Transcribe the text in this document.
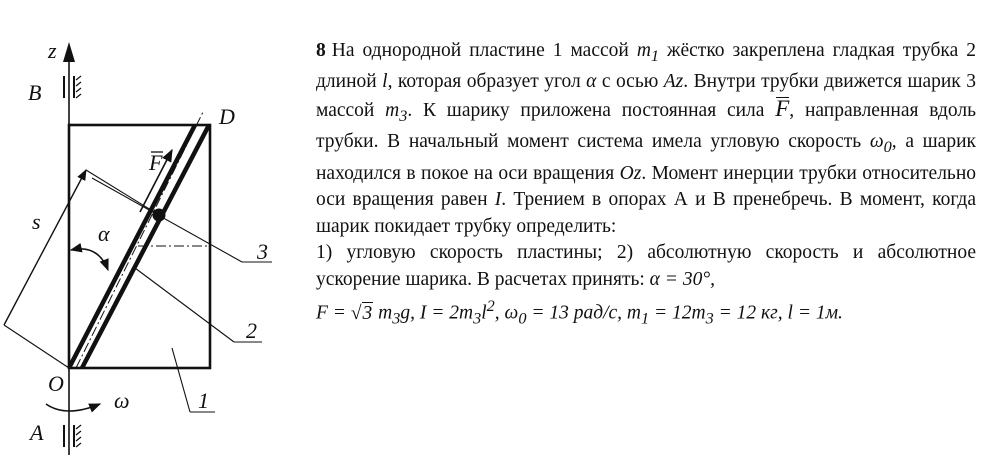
z
B
D
F
s	α
3
2
O
ω	1
A

8 На однородной пластине 1 массой $m_1$ жёстко закреплена гладкая трубка 2 длиной l, которая образует угол α с осью Az. Внутри трубки движется шарик 3 массой $m_3$. К шарику приложена постоянная сила F, направленная вдоль трубки. В начальный момент система имела угловую скорость $\omega_0$, а шарик находился в покое на оси вращения Oz. Момент инерции трубки относительно оси вращения равен I. Трением в опорах А и В пренебречь. В момент, когда шарик покидает трубку определить:

1) угловую скорость пластины; 2) абсолютную скорость и абсолютное ускорение шарика. В расчетах принять: α = 30°,
F = √3 $m_3g$, $I = 2m_3l^2$, $\omega_0 = 13$ рад/с, $m_1 = 12m_3 = 12$ кг, l = 1м.
